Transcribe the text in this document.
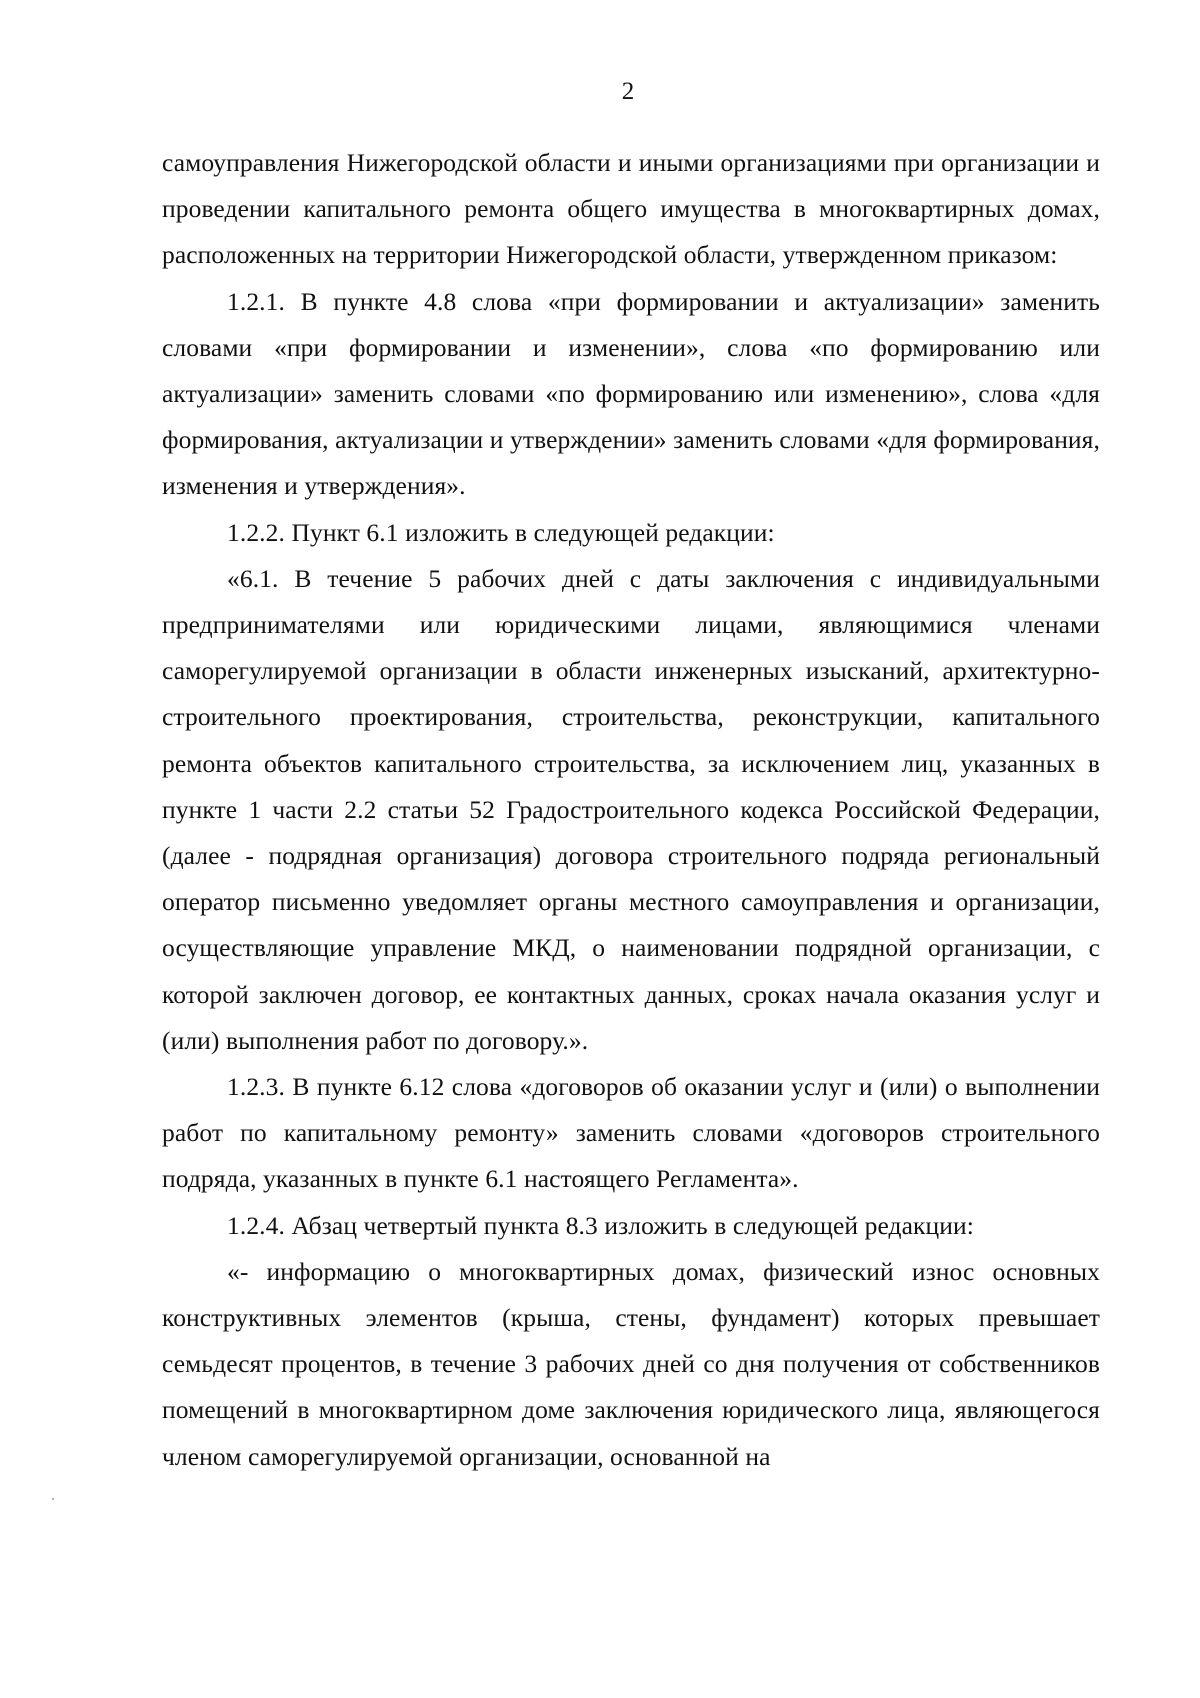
2

самоуправления Нижегородской области и иными организациями при организации и проведении капитального ремонта общего имущества в многоквартирных домах, расположенных на территории Нижегородской области, утвержденном приказом:

1.2.1. В пункте 4.8 слова «при формировании и актуализации» заменить словами «при формировании и изменении», слова «по формированию или актуализации» заменить словами «по формированию или изменению», слова «для формирования, актуализации и утверждении» заменить словами «для формирования, изменения и утверждения».

1.2.2. Пункт 6.1 изложить в следующей редакции:

«6.1. В течение 5 рабочих дней с даты заключения с индивидуальными предпринимателями или юридическими лицами, являющимися членами саморегулируемой организации в области инженерных изысканий, архитектурно-строительного проектирования, строительства, реконструкции, капитального ремонта объектов капитального строительства, за исключением лиц, указанных в пункте 1 части 2.2 статьи 52 Градостроительного кодекса Российской Федерации, (далее - подрядная организация) договора строительного подряда региональный оператор письменно уведомляет органы местного самоуправления и организации, осуществляющие управление МКД, о наименовании подрядной организации, с которой заключен договор, ее контактных данных, сроках начала оказания услуг и (или) выполнения работ по договору.».

1.2.3. В пункте 6.12 слова «договоров об оказании услуг и (или) о выполнении работ по капитальному ремонту» заменить словами «договоров строительного подряда, указанных в пункте 6.1 настоящего Регламента».

1.2.4. Абзац четвертый пункта 8.3 изложить в следующей редакции:

«- информацию о многоквартирных домах, физический износ основных конструктивных элементов (крыша, стены, фундамент) которых превышает семьдесят процентов, в течение 3 рабочих дней со дня получения от собственников помещений в многоквартирном доме заключения юридического лица, являющегося членом саморегулируемой организации, основанной на
